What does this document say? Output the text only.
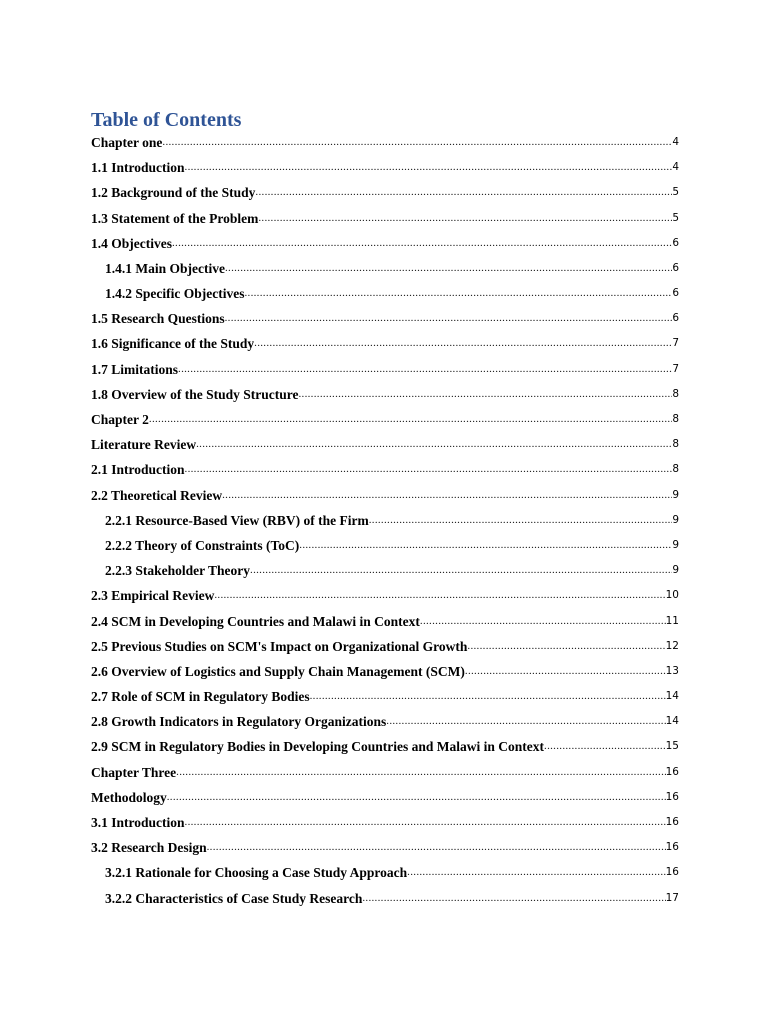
Table of Contents
Chapter one .....	4
1.1 Introduction .....	4
1.2 Background of the Study .....	5
1.3 Statement of the Problem .....	5
1.4 Objectives .....	6
1.4.1 Main Objective .....	6
1.4.2 Specific Objectives .....	6
1.5 Research Questions .....	6
1.6 Significance of the Study .....	7
1.7 Limitations .....	7
1.8 Overview of the Study Structure .....	8
Chapter 2 .....	8
Literature Review .....	8
2.1 Introduction .....	8
2.2 Theoretical Review .....	9
2.2.1 Resource-Based View (RBV) of the Firm .....	9
2.2.2 Theory of Constraints (ToC) .....	9
2.2.3 Stakeholder Theory .....	9
2.3 Empirical Review .....	10
2.4 SCM in Developing Countries and Malawi in Context .....	11
2.5 Previous Studies on SCM's Impact on Organizational Growth .....	12
2.6 Overview of Logistics and Supply Chain Management (SCM) .....	13
2.7 Role of SCM in Regulatory Bodies .....	14
2.8 Growth Indicators in Regulatory Organizations .....	14
2.9 SCM in Regulatory Bodies in Developing Countries and Malawi in Context .....	15
Chapter Three .....	16
Methodology .....	16
3.1 Introduction .....	16
3.2 Research Design .....	16
3.2.1 Rationale for Choosing a Case Study Approach .....	16
3.2.2 Characteristics of Case Study Research .....	17
